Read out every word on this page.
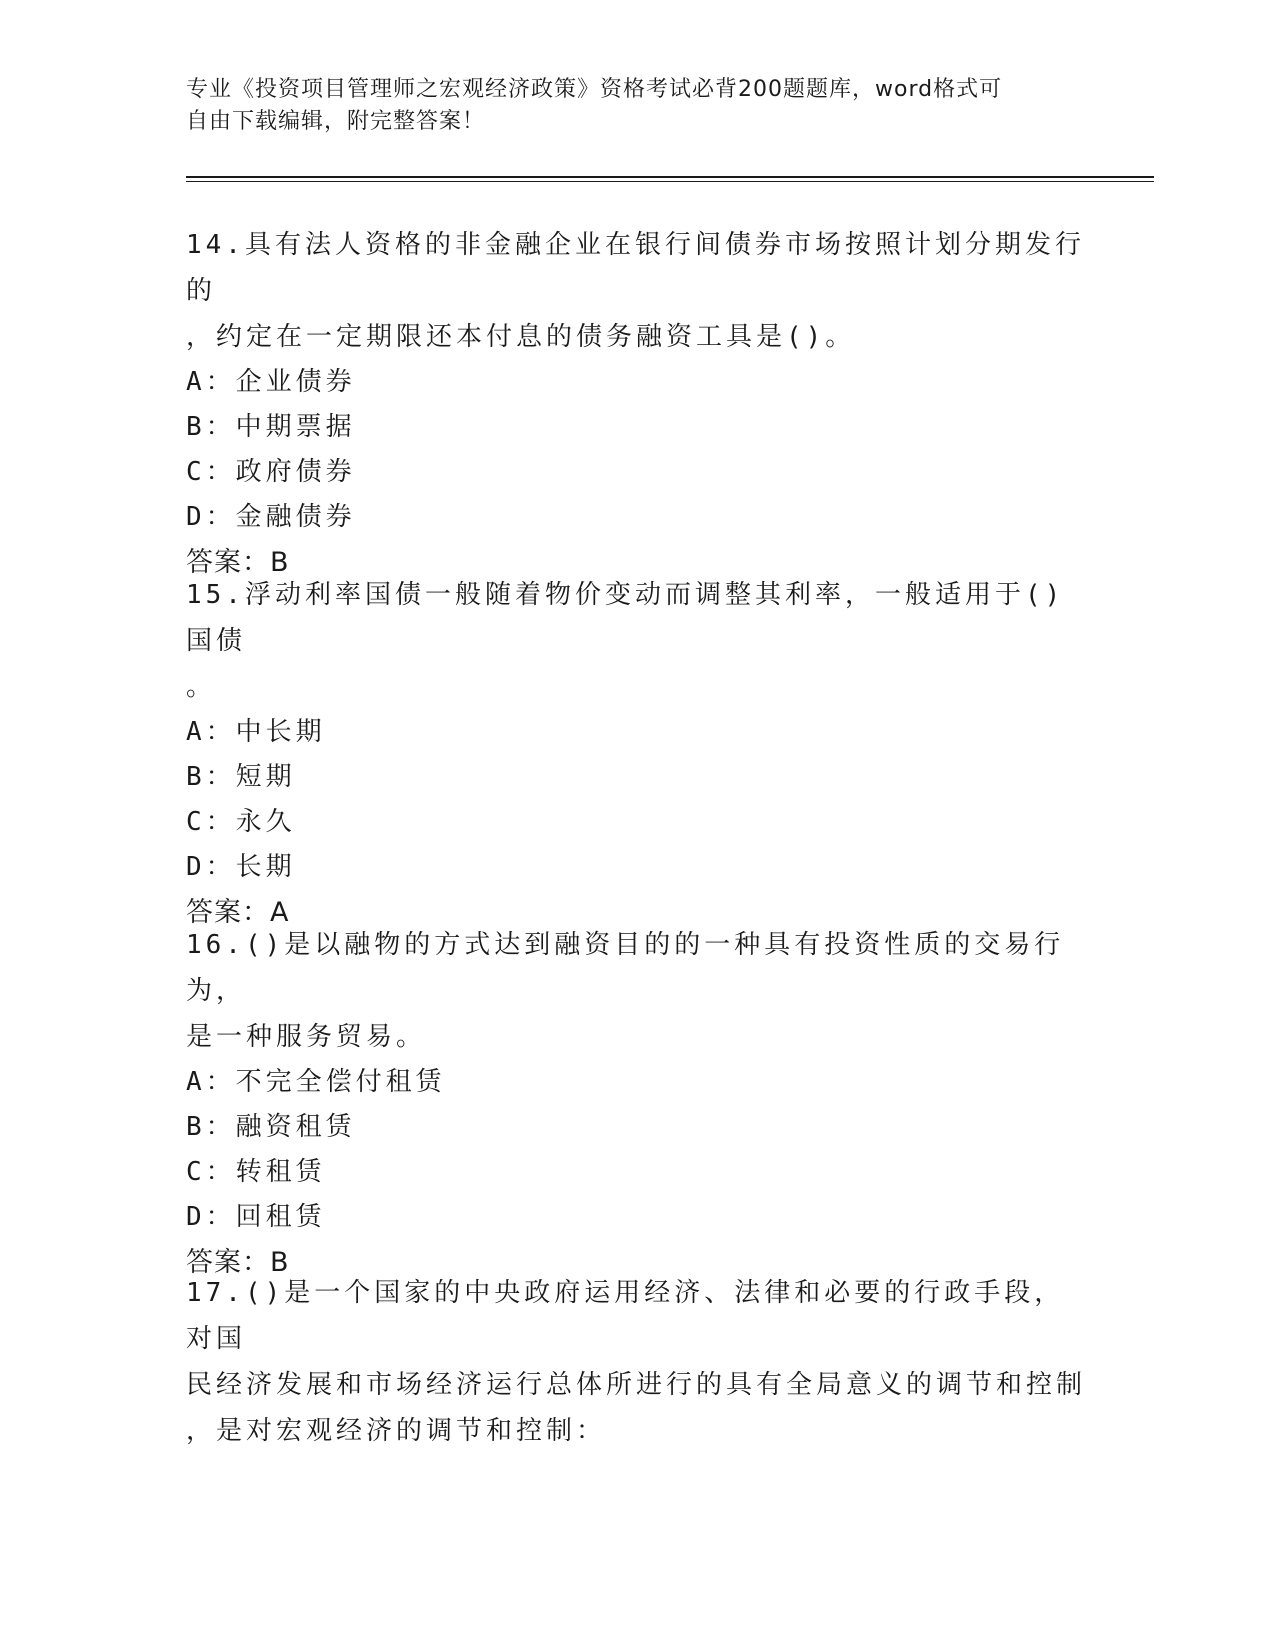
专业《投资项目管理师之宏观经济政策》资格考试必背200题题库，word格式可
自由下载编辑，附完整答案！

14.具有法人资格的非金融企业在银行间债券市场按照计划分期发行的

，约定在一定期限还本付息的债务融资工具是()。

A：企业债券

B：中期票据

C：政府债券

D：金融债券

答案：B

15.浮动利率国债一般随着物价变动而调整其利率，一般适用于()国债

。

A：中长期

B：短期

C：永久

D：长期

答案：A

16.()是以融物的方式达到融资目的的一种具有投资性质的交易行为，

是一种服务贸易。

A：不完全偿付租赁

B：融资租赁

C：转租赁

D：回租赁

答案：B

17.()是一个国家的中央政府运用经济、法律和必要的行政手段，对国

民经济发展和市场经济运行总体所进行的具有全局意义的调节和控制

，是对宏观经济的调节和控制：
